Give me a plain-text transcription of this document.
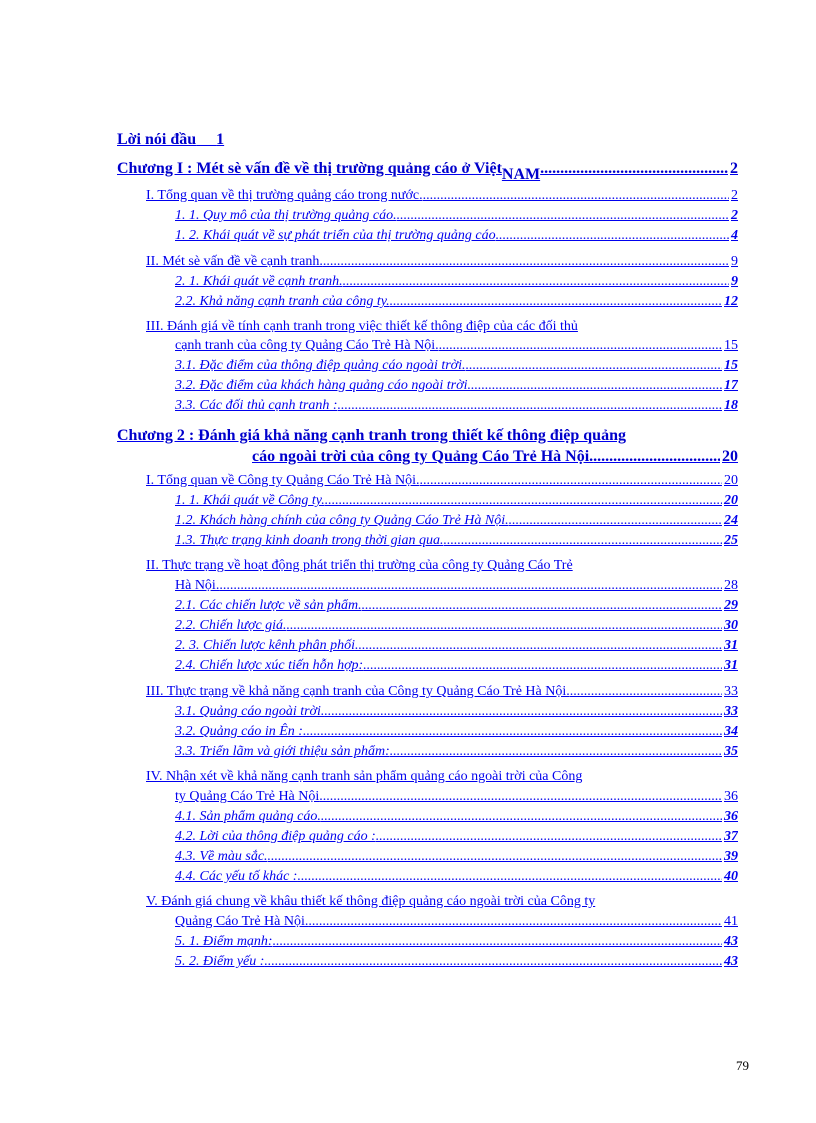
Lời nói đầu 1
Chương I : Mét sè vấn đề về thị trường quảng cáo ở Việt NAM .....	2
I. Tổng quan về thị trường quảng cáo trong nước. .....	2
1. 1. Quy mô của thị trường quảng cáo. .....	2
1. 2. Khái quát về sự phát triển của thị trường quảng cáo .....	4
II. Mét sè vấn đề về cạnh tranh. .....	9
2. 1. Khái quát về cạnh tranh. .....	9
2.2. Khả năng cạnh tranh của công ty. .....	12
III. Đánh giá về tính cạnh tranh trong việc thiết kế thông điệp của các đối thủ
cạnh tranh của công ty Quảng Cáo Trẻ Hà Nội. .....	15
3.1. Đặc điểm của thông điệp quảng cáo ngoài trời. .....	15
3.2. Đặc điểm của khách hàng quảng cáo ngoài trời. .....	17
3.3. Các đối thủ cạnh tranh : .....	18
Chương 2 : Đánh giá khả năng cạnh tranh trong thiết kế thông điệp quảng
cáo ngoài trời của công ty Quảng Cáo Trẻ Hà Nội. .....	20
I. Tổng quan về Công ty Quảng Cáo Trẻ Hà Nội. .....	20
1. 1. Khái quát về Công ty. .....	20
1.2. Khách hàng chính của công ty Quảng Cáo Trẻ Hà Nội. .....	24
1.3. Thực trạng kinh doanh trong thời gian qua. .....	25
II. Thực trạng về hoạt động phát triển thị trường của công ty Quảng Cáo Trẻ
Hà Nội. .....	28
2.1. Các chiến lược về sản phẩm. .....	29
2.2. Chiến lược giá. .....	30
2. 3. Chiến lược kênh phân phối .....	31
2.4. Chiến lược xúc tiến hỗn hợp: .....	31
III. Thực trạng về khả năng cạnh tranh của Công ty Quảng Cáo Trẻ Hà Nội. .....	33
3.1. Quảng cáo ngoài trời. .....	33
3.2. Quảng cáo in Ên : .....	34
3.3. Triển lãm và giới thiệu sản phẩm: .....	35
IV. Nhận xét về khả năng cạnh tranh sản phẩm quảng cáo ngoài trời của Công
ty Quảng Cáo Trẻ Hà Nội .....	36
4.1. Sản phẩm quảng cáo. .....	36
4.2. Lời của thông điệp quảng cáo : .....	37
4.3. Về màu sắc. .....	39
4.4. Các yếu tố khác : .....	40
V. Đánh giá chung về khâu thiết kế thông điệp quảng cáo ngoài trời của Công ty
Quảng Cáo Trẻ Hà Nội. .....	41
5. 1. Điểm mạnh: .....	43
5. 2. Điểm yếu : .....	43
79
